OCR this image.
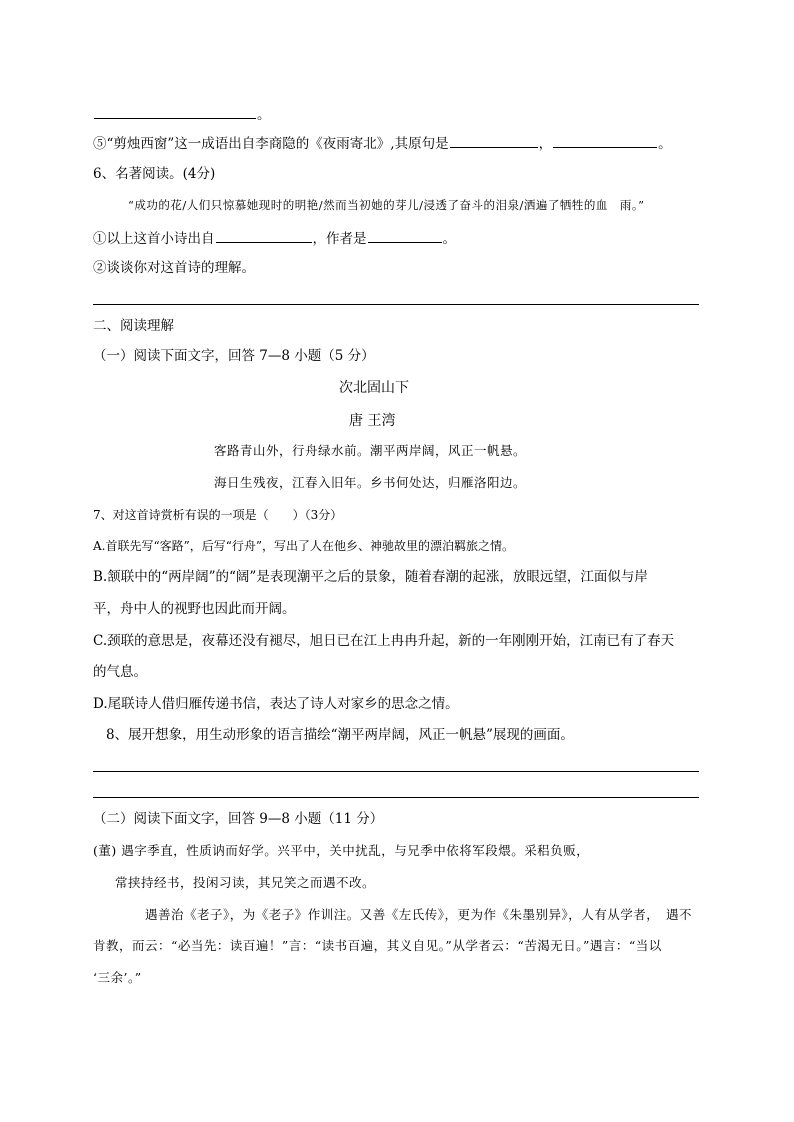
。
⑤“剪烛西窗”这一成语出自李商隐的《夜雨寄北》,其原句是	，	。
6、名著阅读。(4分)
“成功的花/人们只惊慕她现时的明艳/然而当初她的芽儿/浸透了奋斗的泪泉/洒遍了牺牲的血　雨。”
①以上这首小诗出自	，作者是	。
②谈谈你对这首诗的理解。
二、阅读理解
（一）阅读下面文字，回答 7—8 小题（5 分）
次北固山下
唐 王湾
客路青山外，行舟绿水前。潮平两岸阔，风正一帆悬。
海日生残夜，江春入旧年。乡书何处达，归雁洛阳边。
7、对这首诗赏析有误的一项是（　　）（3分）
A.首联先写“客路”，后写“行舟”，写出了人在他乡、神驰故里的漂泊羁旅之情。
B.颔联中的“两岸阔”的“阔”是表现潮平之后的景象，随着春潮的起涨，放眼远望，江面似与岸
平，舟中人的视野也因此而开阔。
C.颈联的意思是，夜幕还没有褪尽，旭日已在江上冉冉升起，新的一年刚刚开始，江南已有了春天
的气息。
D.尾联诗人借归雁传递书信，表达了诗人对家乡的思念之情。
8、展开想象，用生动形象的语言描绘“潮平两岸阔，风正一帆悬”展现的画面。
（二）阅读下面文字，回答 9—8 小题（11 分）
(董) 遇字季直，性质讷而好学。兴平中，关中扰乱，与兄季中依将军段煨。采稆负贩，
常挟持经书，投闲习读，其兄笑之而遇不改。
遇善治《老子》，为《老子》作训注。又善《左氏传》，更为作《朱墨别异》，人有从学者，　遇不
肯教，而云：“必当先：读百遍！”言：“读书百遍，其义自见。”从学者云：“苦渴无日。”遇言：“当以
‘三余’。”
